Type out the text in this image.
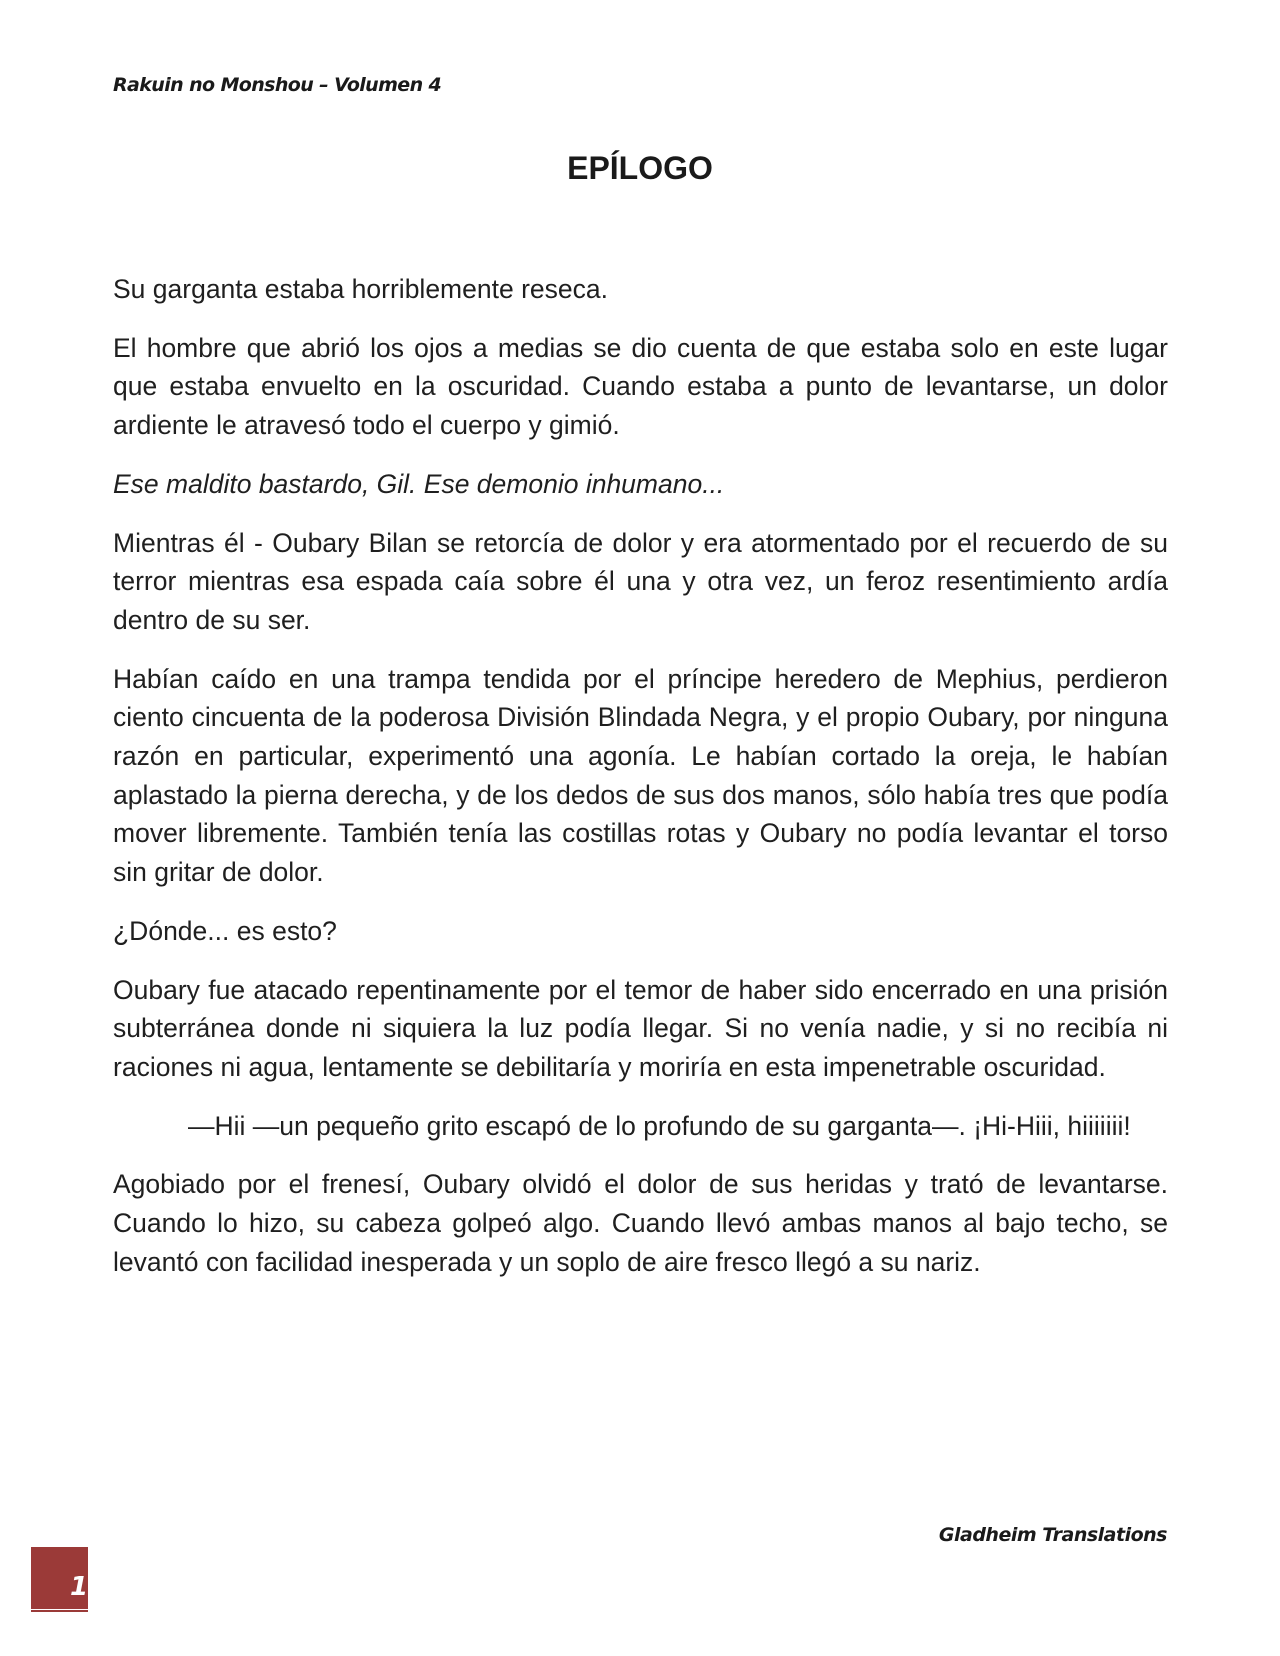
Rakuin no Monshou – Volumen 4
EPÍLOGO

Su garganta estaba horriblemente reseca.

El hombre que abrió los ojos a medias se dio cuenta de que estaba solo en este lugar que estaba envuelto en la oscuridad. Cuando estaba a punto de levantarse, un dolor ardiente le atravesó todo el cuerpo y gimió.

Ese maldito bastardo, Gil. Ese demonio inhumano...

Mientras él - Oubary Bilan se retorcía de dolor y era atormentado por el recuerdo de su terror mientras esa espada caía sobre él una y otra vez, un feroz resentimiento ardía dentro de su ser.

Habían caído en una trampa tendida por el príncipe heredero de Mephius, perdieron ciento cincuenta de la poderosa División Blindada Negra, y el propio Oubary, por ninguna razón en particular, experimentó una agonía. Le habían cortado la oreja, le habían aplastado la pierna derecha, y de los dedos de sus dos manos, sólo había tres que podía mover libremente. También tenía las costillas rotas y Oubary no podía levantar el torso sin gritar de dolor.

¿Dónde... es esto?

Oubary fue atacado repentinamente por el temor de haber sido encerrado en una prisión subterránea donde ni siquiera la luz podía llegar. Si no venía nadie, y si no recibía ni raciones ni agua, lentamente se debilitaría y moriría en esta impenetrable oscuridad.

—Hii —un pequeño grito escapó de lo profundo de su garganta—. ¡Hi-Hiii, hiiiiiii!

Agobiado por el frenesí, Oubary olvidó el dolor de sus heridas y trató de levantarse. Cuando lo hizo, su cabeza golpeó algo. Cuando llevó ambas manos al bajo techo, se levantó con facilidad inesperada y un soplo de aire fresco llegó a su nariz.

Gladheim Translations
1
